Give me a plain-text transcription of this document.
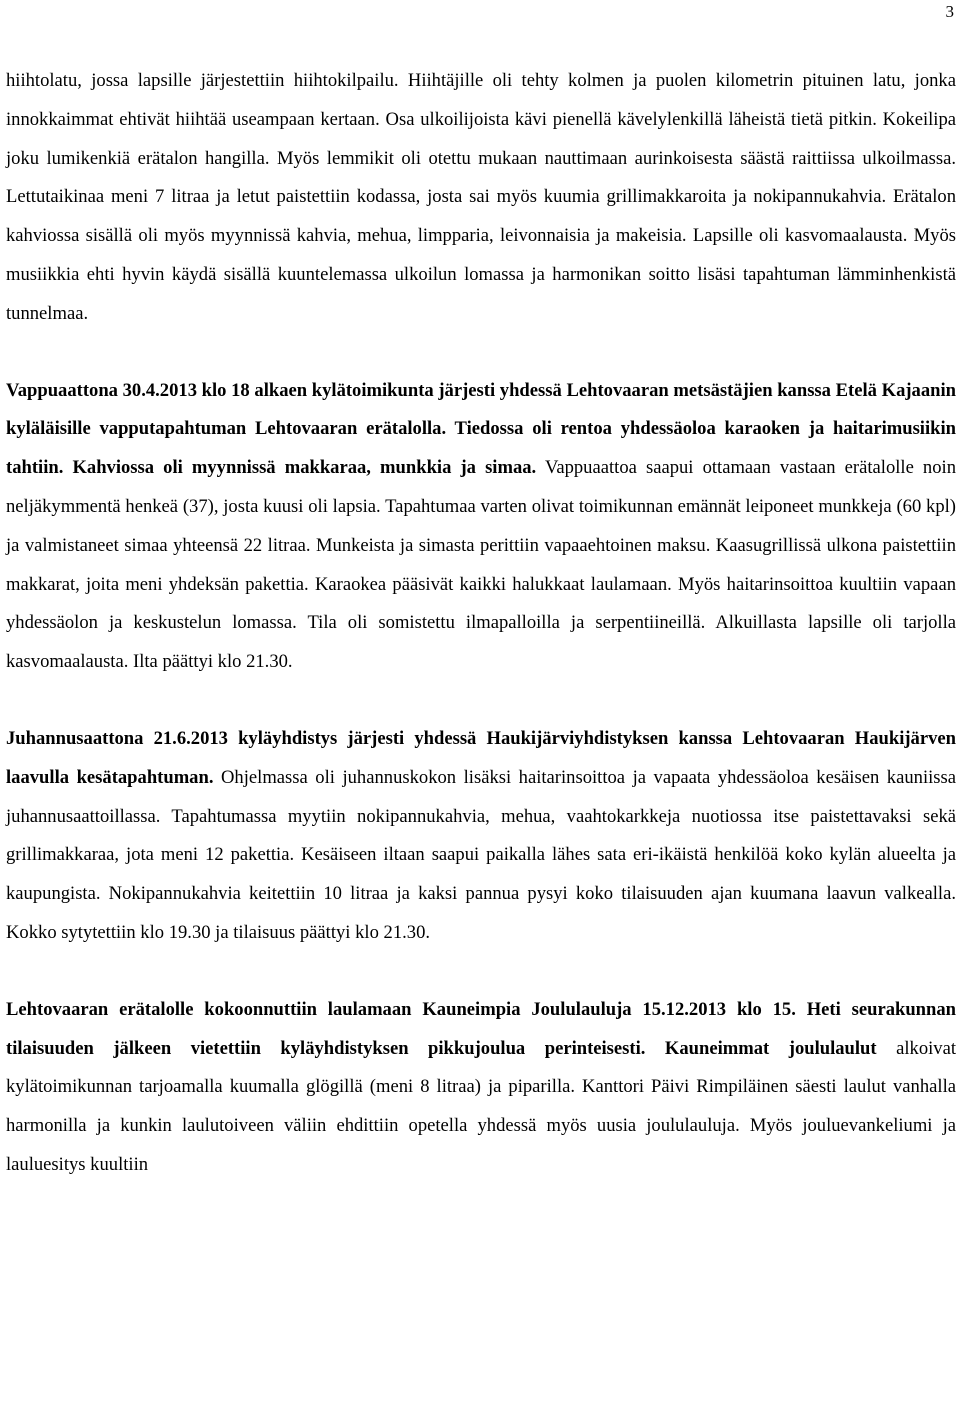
3

hiihtolatu, jossa lapsille järjestettiin hiihtokilpailu. Hiihtäjille oli tehty kolmen ja puolen kilometrin pituinen latu, jonka innokkaimmat ehtivät hiihtää useampaan kertaan. Osa ulkoilijoista kävi pienellä kävelylenkillä läheistä tietä pitkin. Kokeilipa joku lumikenkiä erätalon hangilla. Myös lemmikit oli otettu mukaan nauttimaan aurinkoisesta säästä raittiissa ulkoilmassa. Lettutaikinaa meni 7 litraa ja letut paistettiin kodassa, josta sai myös kuumia grillimakkaroita ja nokipannukahvia. Erätalon kahviossa sisällä oli myös myynnissä kahvia, mehua, limpparia, leivonnaisia ja makeisia. Lapsille oli kasvomaalausta. Myös musiikkia ehti hyvin käydä sisällä kuuntelemassa ulkoilun lomassa ja harmonikan soitto lisäsi tapahtuman lämminhenkistä tunnelmaa.

Vappuaattona 30.4.2013 klo 18 alkaen kylätoimikunta järjesti yhdessä Lehtovaaran metsästäjien kanssa Etelä Kajaanin kyläläisille vapputapahtuman Lehtovaaran erätalolla. Tiedossa oli rentoa yhdessäoloa karaoken ja haitarimusiikin tahtiin. Kahviossa oli myynnissä makkaraa, munkkia ja simaa. Vappuaattoa saapui ottamaan vastaan erätalolle noin neljäkymmentä henkeä (37), josta kuusi oli lapsia. Tapahtumaa varten olivat toimikunnan emännät leiponeet munkkeja (60 kpl) ja valmistaneet simaa yhteensä 22 litraa. Munkeista ja simasta perittiin vapaaehtoinen maksu. Kaasugrillissä ulkona paistettiin makkarat, joita meni yhdeksän pakettia. Karaokea pääsivät kaikki halukkaat laulamaan. Myös haitarinsoittoa kuultiin vapaan yhdessäolon ja keskustelun lomassa. Tila oli somistettu ilmapalloilla ja serpentiineillä. Alkuillasta lapsille oli tarjolla kasvomaalausta. Ilta päättyi klo 21.30.

Juhannusaattona 21.6.2013 kyläyhdistys järjesti yhdessä Haukijärviyhdistyksen kanssa Lehtovaaran Haukijärven laavulla kesätapahtuman. Ohjelmassa oli juhannuskokon lisäksi haitarinsoittoa ja vapaata yhdessäoloa kesäisen kauniissa juhannusaattoillassa. Tapahtumassa myytiin nokipannukahvia, mehua, vaahtokarkkeja nuotiossa itse paistettavaksi sekä grillimakkaraa, jota meni 12 pakettia. Kesäiseen iltaan saapui paikalla lähes sata eri-ikäistä henkilöä koko kylän alueelta ja kaupungista. Nokipannukahvia keitettiin 10 litraa ja kaksi pannua pysyi koko tilaisuuden ajan kuumana laavun valkealla. Kokko sytytettiin klo 19.30 ja tilaisuus päättyi klo 21.30.

Lehtovaaran erätalolle kokoonnuttiin laulamaan Kauneimpia Joululauluja 15.12.2013 klo 15. Heti seurakunnan tilaisuuden jälkeen vietettiin kyläyhdistyksen pikkujoulua perinteisesti. Kauneimmat joululaulut alkoivat kylätoimikunnan tarjoamalla kuumalla glögillä (meni 8 litraa) ja piparilla. Kanttori Päivi Rimpiläinen säesti laulut vanhalla harmonilla ja kunkin laulutoiveen väliin ehdittiin opetella yhdessä myös uusia joululauluja. Myös jouluevankeliumi ja lauluesitys kuultiin
